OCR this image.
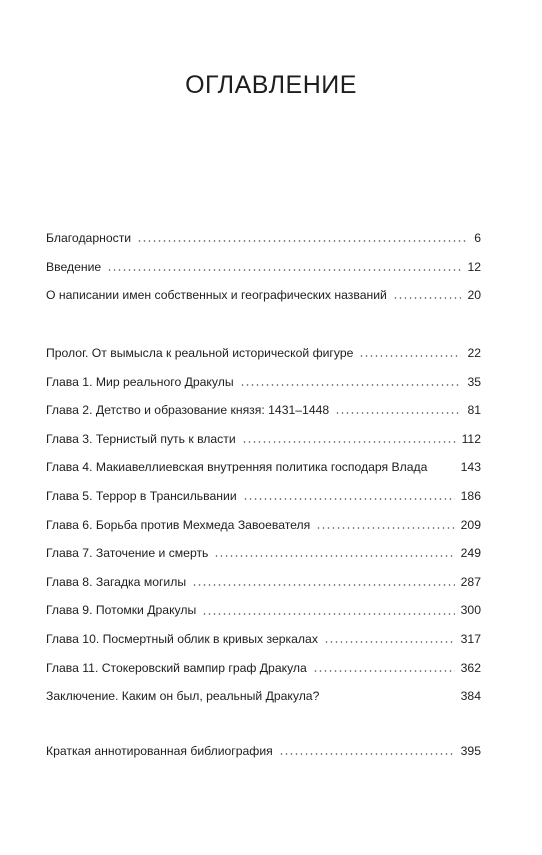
ОГЛАВЛЕНИЕ
Благодарности	6
Введение	12
О написании имен собственных и географических названий	20
Пролог. От вымысла к реальной исторической фигуре	22
Глава 1. Мир реального Дракулы	35
Глава 2. Детство и образование князя: 1431–1448	81
Глава 3. Тернистый путь к власти	112
Глава 4. Макиавеллиевская внутренняя политика господаря Влада	143
Глава 5. Террор в Трансильвании	186
Глава 6. Борьба против Мехмеда Завоевателя	209
Глава 7. Заточение и смерть	249
Глава 8. Загадка могилы	287
Глава 9. Потомки Дракулы	300
Глава 10. Посмертный облик в кривых зеркалах	317
Глава 11. Стокеровский вампир граф Дракула	362
Заключение. Каким он был, реальный Дракула?	384
Краткая аннотированная библиография	395
